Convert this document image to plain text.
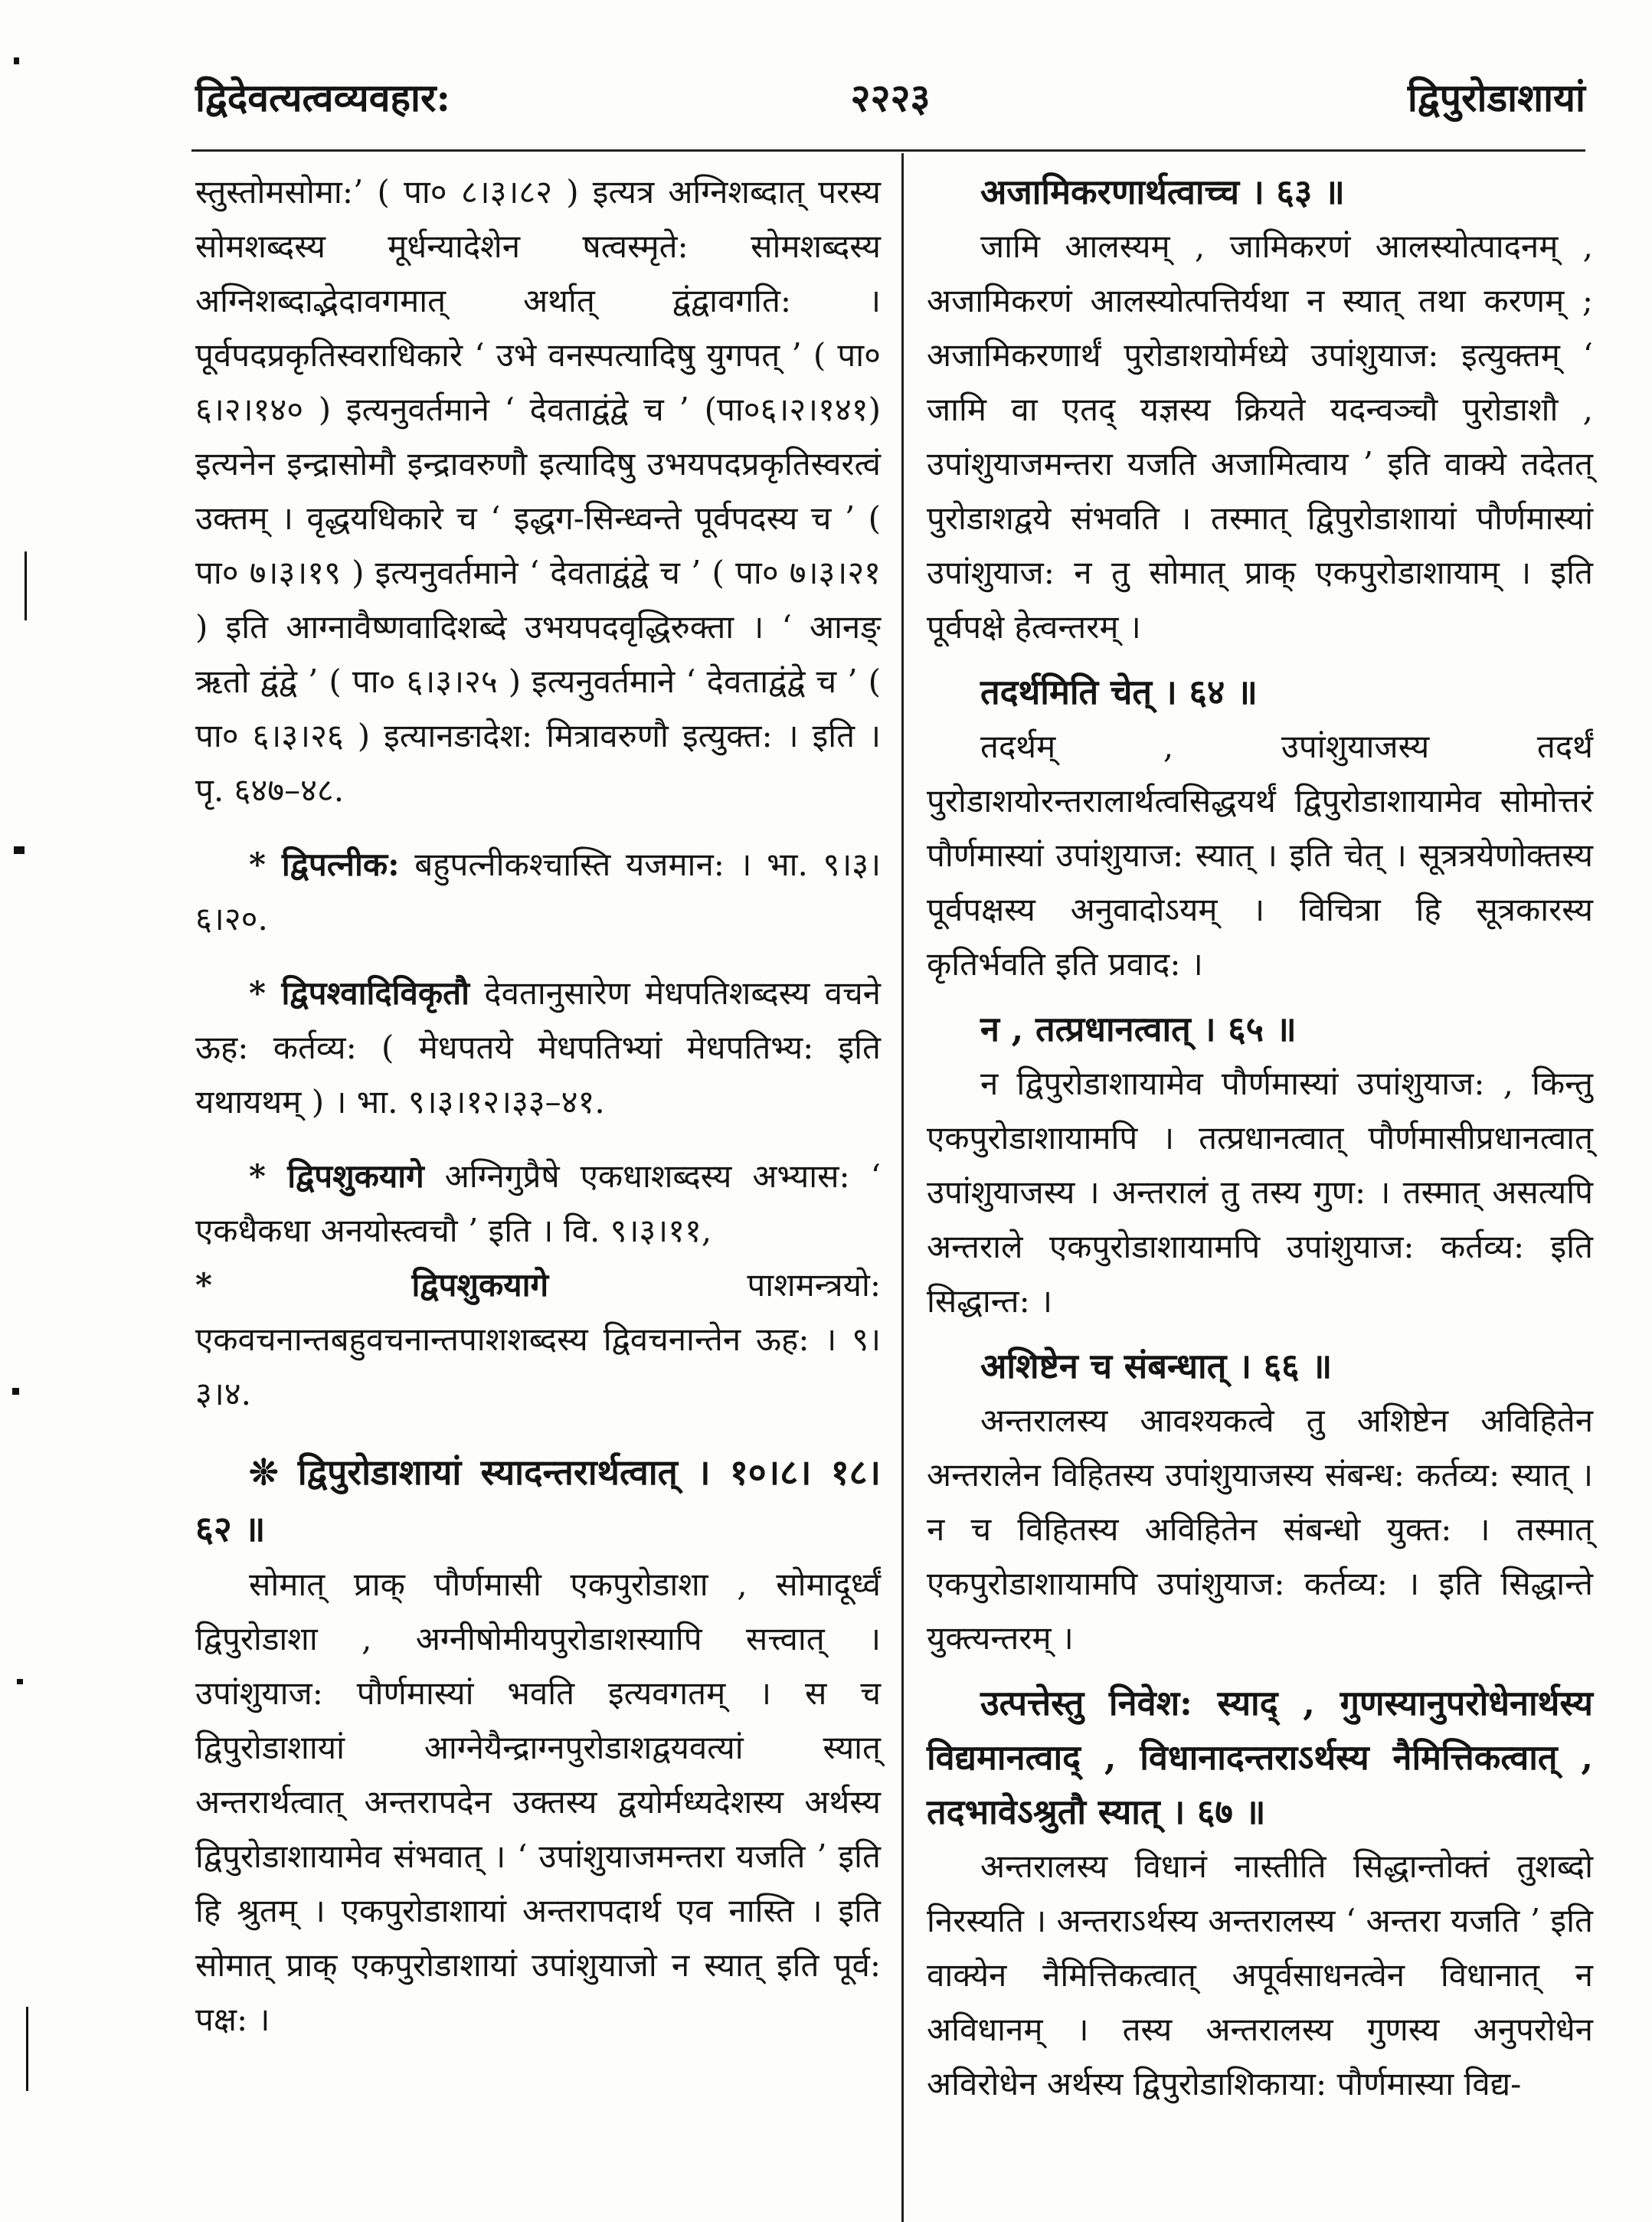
द्विदेवत्यत्वव्यवहार:	२२२३	द्विपुरोडाशायां

स्तुस्तोमसोमा:’ ( पा० ८।३।८२ ) इत्यत्र अग्निशब्दात् परस्य सोमशब्दस्य मूर्धन्यादेशेन षत्वस्मृते: सोमशब्दस्य अग्निशब्दाद्भेदावगमात् अर्थात् द्वंद्वावगति: । पूर्वपदप्रकृतिस्वराधिकारे ‘ उभे वनस्पत्यादिषु युगपत् ’ ( पा० ६।२।१४० ) इत्यनुवर्तमाने ‘ देवताद्वंद्वे च ’ (पा०६।२।१४१) इत्यनेन इन्द्रासोमौ इन्द्रावरुणौ इत्यादिषु उभयपदप्रकृतिस्वरत्वं उक्तम् । वृद्धयधिकारे च ‘ इद्धग-सिन्ध्वन्ते पूर्वपदस्य च ’ ( पा० ७।३।१९ ) इत्यनुवर्तमाने ‘ देवताद्वंद्वे च ’ ( पा० ७।३।२१ ) इति आग्नावैष्णवादिशब्दे उभयपदवृद्धिरुक्ता । ‘ आनङ् ऋतो द्वंद्वे ’ ( पा० ६।३।२५ ) इत्यनुवर्तमाने ‘ देवताद्वंद्वे च ’ ( पा० ६।३।२६ ) इत्यानङादेश: मित्रावरुणौ इत्युक्त: । इति । पृ. ६४७–४८.

* द्विपत्नीक: बहुपत्नीकश्चास्ति यजमान: । भा. ९।३।६।२०.

* द्विपश्वादिविकृतौ देवतानुसारेण मेधपतिशब्दस्य वचने ऊह: कर्तव्य: ( मेधपतये मेधपतिभ्यां मेधपतिभ्य: इति यथायथम् ) । भा. ९।३।१२।३३–४१.

* द्विपशुकयागे अग्निगुप्रैषे एकधाशब्दस्य अभ्यास: ‘ एकधैकधा अनयोस्त्वचौ ’ इति । वि. ९।३।११,

* द्विपशुकयागे पाशमन्त्रयो: एकवचनान्तबहुवचनान्तपाशशब्दस्य द्विवचनान्तेन ऊह: । ९।३।४.

❊ द्विपुरोडाशायां स्यादन्तरार्थत्वात् । १०।८। १८।६२ ॥

सोमात् प्राक् पौर्णमासी एकपुरोडाशा , सोमादूर्ध्वं द्विपुरोडाशा , अग्नीषोमीयपुरोडाशस्यापि सत्त्वात् । उपांशुयाज: पौर्णमास्यां भवति इत्यवगतम् । स च द्विपुरोडाशायां आग्नेयैन्द्राग्नपुरोडाशद्वयवत्यां स्यात् अन्तरार्थत्वात् अन्तरापदेन उक्तस्य द्वयोर्मध्यदेशस्य अर्थस्य द्विपुरोडाशायामेव संभवात् । ‘ उपांशुयाजमन्तरा यजति ’ इति हि श्रुतम् । एकपुरोडाशायां अन्तरापदार्थ एव नास्ति । इति सोमात् प्राक् एकपुरोडाशायां उपांशुयाजो न स्यात् इति पूर्व: पक्ष: ।

अजामिकरणार्थत्वाच्च । ६३ ॥

जामि आलस्यम् , जामिकरणं आलस्योत्पादनम् , अजामिकरणं आलस्योत्पत्तिर्यथा न स्यात् तथा करणम् ; अजामिकरणार्थं पुरोडाशयोर्मध्ये उपांशुयाज: इत्युक्तम् ‘ जामि वा एतद् यज्ञस्य क्रियते यदन्वञ्चौ पुरोडाशौ , उपांशुयाजमन्तरा यजति अजामित्वाय ’ इति वाक्ये तदेतत् पुरोडाशद्वये संभवति । तस्मात् द्विपुरोडाशायां पौर्णमास्यां उपांशुयाज: न तु सोमात् प्राक् एकपुरोडाशायाम् । इति पूर्वपक्षे हेत्वन्तरम् ।

तदर्थमिति चेत् । ६४ ॥

तदर्थम् , उपांशुयाजस्य तदर्थं पुरोडाशयोरन्तरालार्थत्वसिद्धयर्थं द्विपुरोडाशायामेव सोमोत्तरं पौर्णमास्यां उपांशुयाज: स्यात् । इति चेत् । सूत्रत्रयेणोक्तस्य पूर्वपक्षस्य अनुवादोऽयम् । विचित्रा हि सूत्रकारस्य कृतिर्भवति इति प्रवाद: ।

न , तत्प्रधानत्वात् । ६५ ॥

न द्विपुरोडाशायामेव पौर्णमास्यां उपांशुयाज: , किन्तु एकपुरोडाशायामपि । तत्प्रधानत्वात् पौर्णमासीप्रधानत्वात् उपांशुयाजस्य । अन्तरालं तु तस्य गुण: । तस्मात् असत्यपि अन्तराले एकपुरोडाशायामपि उपांशुयाज: कर्तव्य: इति सिद्धान्त: ।

अशिष्टेन च संबन्धात् । ६६ ॥

अन्तरालस्य आवश्यकत्वे तु अशिष्टेन अविहितेन अन्तरालेन विहितस्य उपांशुयाजस्य संबन्ध: कर्तव्य: स्यात् । न च विहितस्य अविहितेन संबन्धो युक्त: । तस्मात् एकपुरोडाशायामपि उपांशुयाज: कर्तव्य: । इति सिद्धान्ते युक्त्यन्तरम् ।

उत्पत्तेस्तु निवेश: स्याद् , गुणस्यानुपरोधेनार्थस्य विद्यमानत्वाद् , विधानादन्तराऽर्थस्य नैमित्तिकत्वात् , तदभावेऽश्रुतौ स्यात् । ६७ ॥

अन्तरालस्य विधानं नास्तीति सिद्धान्तोक्तं तुशब्दो निरस्यति । अन्तराऽर्थस्य अन्तरालस्य ‘ अन्तरा यजति ’ इति वाक्येन नैमित्तिकत्वात् अपूर्वसाधनत्वेन विधानात् न अविधानम् । तस्य अन्तरालस्य गुणस्य अनुपरोधेन अविरोधेन अर्थस्य द्विपुरोडाशिकाया: पौर्णमास्या विद्य-
